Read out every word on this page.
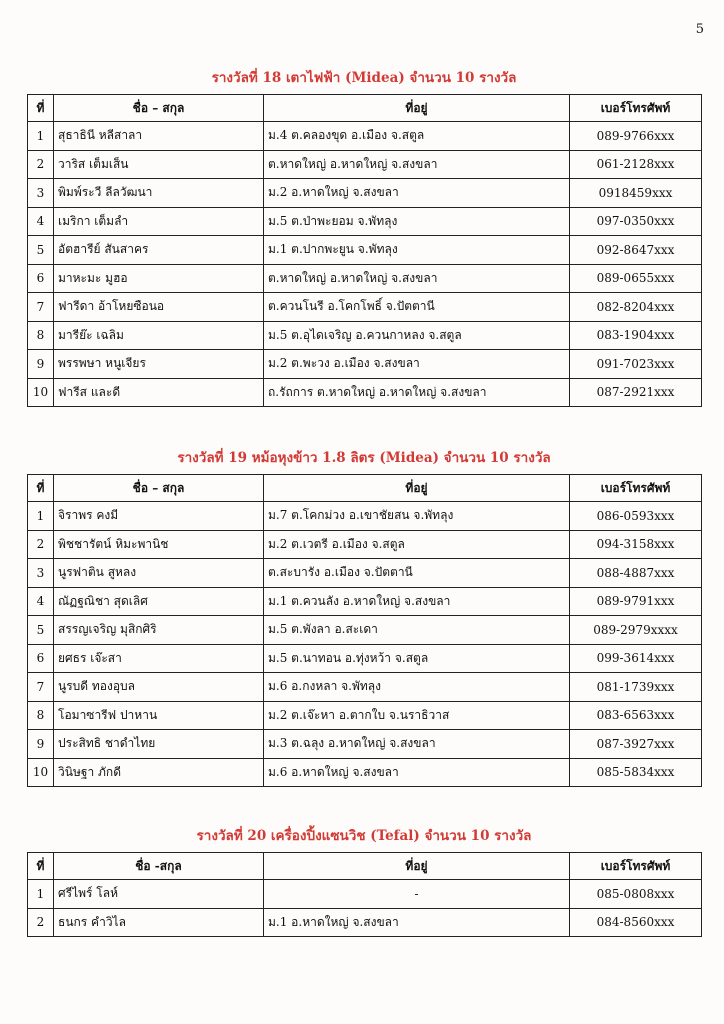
5
รางวัลที่ 18 เตาไฟฟ้า (Midea) จำนวน 10 รางวัล
ที่	ชื่อ – สกุล	ที่อยู่	เบอร์โทรศัพท์
1	สุธาธินี หลีสาลา	ม.4 ต.คลองขุด อ.เมือง จ.สตูล	089-9766xxx
2	วาริส เต็มเส็น	ต.หาดใหญ่ อ.หาดใหญ่ จ.สงขลา	061-2128xxx
3	พิมพ์ระวี ลีลวัฒนา	ม.2 อ.หาดใหญ่ จ.สงขลา	0918459xxx
4	เมริกา เต็มลำ	ม.5 ต.ป่าพะยอม จ.พัทลุง	097-0350xxx
5	อัตฮารีย์ สันสาคร	ม.1 ต.ปากพะยูน จ.พัทลุง	092-8647xxx
6	มาหะมะ มูฮอ	ต.หาดใหญ่ อ.หาดใหญ่ จ.สงขลา	089-0655xxx
7	ฟารีดา อ้าโหยซือนอ	ต.ควนโนรี อ.โคกโพธิ์ จ.ปัตตานี	082-8204xxx
8	มารีย๊ะ เฉลิม	ม.5 ต.อุไดเจริญ อ.ควนกาหลง จ.สตูล	083-1904xxx
9	พรรพษา หนูเจียร	ม.2 ต.พะวง อ.เมือง จ.สงขลา	091-7023xxx
10	ฟารีส และดี	ถ.รัถการ ต.หาดใหญ่ อ.หาดใหญ่ จ.สงขลา	087-2921xxx
รางวัลที่ 19 หม้อหุงข้าว 1.8 ลิตร (Midea) จำนวน 10 รางวัล
ที่	ชื่อ – สกุล	ที่อยู่	เบอร์โทรศัพท์
1	จิราพร คงมี	ม.7 ต.โคกม่วง อ.เขาชัยสน จ.พัทลุง	086-0593xxx
2	พิชชารัตน์ หิมะพานิช	ม.2 ต.เวตรี อ.เมือง จ.สตูล	094-3158xxx
3	นูรฟาติน สูหลง	ต.สะบารัง อ.เมือง จ.ปัตตานี	088-4887xxx
4	ณัฏฐณิชา สุดเลิศ	ม.1 ต.ควนลัง อ.หาดใหญ่ จ.สงขลา	089-9791xxx
5	สรรญเจริญ มุสิกศิริ	ม.5 ต.พังลา อ.สะเดา	089-2979xxxx
6	ยศธร เจ๊ะสา	ม.5 ต.นาทอน อ.ทุ่งหว้า จ.สตูล	099-3614xxx
7	นูรบดี ทองอุบล	ม.6 อ.กงหลา จ.พัทลุง	081-1739xxx
8	โอมาซารีฟ ปาหาน	ม.2 ต.เจ๊ะหา อ.ตากใบ จ.นราธิวาส	083-6563xxx
9	ประสิทธิ ชาดำไทย	ม.3 ต.ฉลุง อ.หาดใหญ่ จ.สงขลา	087-3927xxx
10	วินิษฐา ภักดี	ม.6 อ.หาดใหญ่ จ.สงขลา	085-5834xxx
รางวัลที่ 20 เครื่องปิ้งแซนวิช (Tefal) จำนวน 10 รางวัล
ที่	ชื่อ -สกุล	ที่อยู่	เบอร์โทรศัพท์
1	ศรีไพร์ โลห์	-	085-0808xxx
2	ธนกร คำวิไล	ม.1 อ.หาดใหญ่ จ.สงขลา	084-8560xxx
